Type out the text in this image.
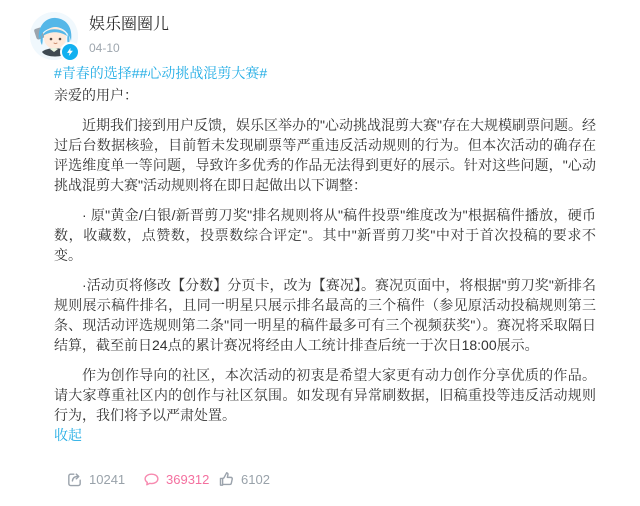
娱乐圈圈儿
04-10
#青春的选择##心动挑战混剪大赛#

亲爱的用户：

近期我们接到用户反馈，娱乐区举办的"心动挑战混剪大赛"存在大规模刷票问题。经过后台数据核验，目前暂未发现刷票等严重违反活动规则的行为。但本次活动的确存在评选维度单一等问题，导致许多优秀的作品无法得到更好的展示。针对这些问题，"心动挑战混剪大赛"活动规则将在即日起做出以下调整：

· 原"黄金/白银/新晋剪刀奖"排名规则将从"稿件投票"维度改为"根据稿件播放，硬币数，收藏数，点赞数，投票数综合评定"。其中"新晋剪刀奖"中对于首次投稿的要求不变。

·活动页将修改【分数】分页卡，改为【赛况】。赛况页面中，将根据"剪刀奖"新排名规则展示稿件排名，且同一明星只展示排名最高的三个稿件（参见原活动投稿规则第三条、现活动评选规则第二条"同一明星的稿件最多可有三个视频获奖"）。赛况将采取隔日结算，截至前日24点的累计赛况将经由人工统计排查后统一于次日18:00展示。

作为创作导向的社区，本次活动的初衷是希望大家更有动力创作分享优质的作品。请大家尊重社区内的创作与社区氛围。如发现有异常刷数据，旧稿重投等违反活动规则行为，我们将予以严肃处置。

收起
10241	369312 6102
